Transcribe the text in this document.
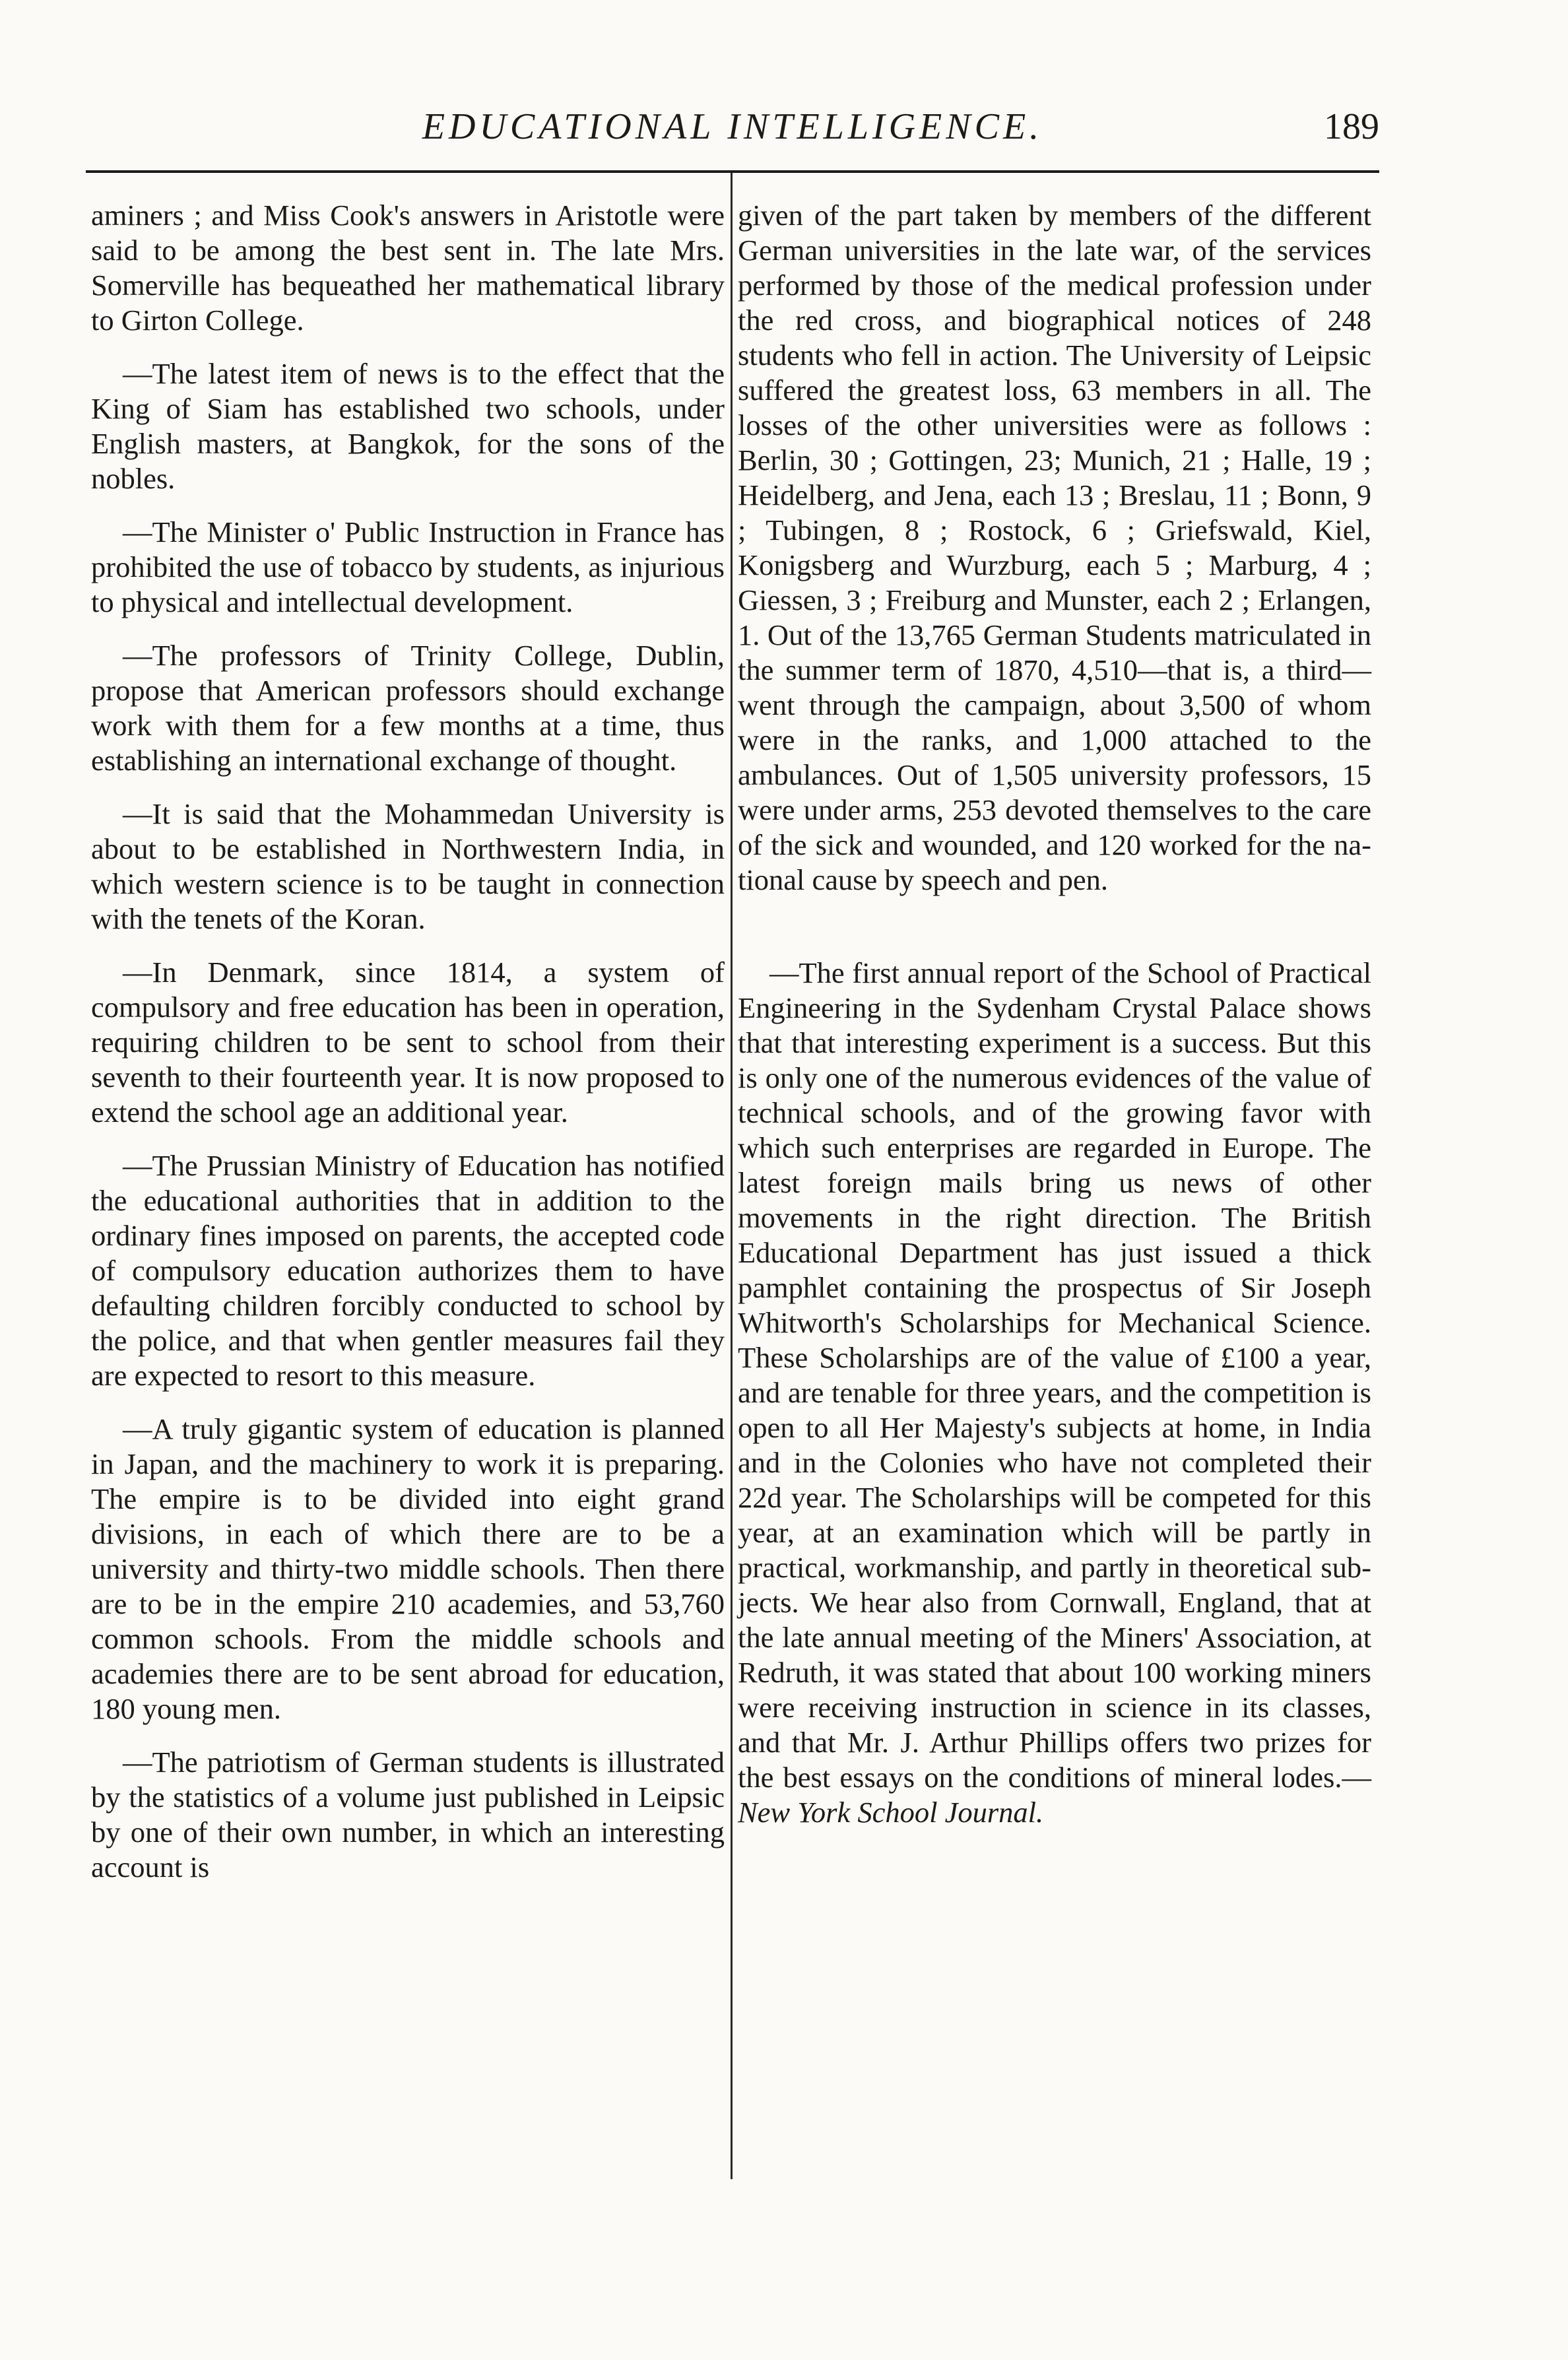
EDUCATIONAL INTELLIGENCE.	189

aminers ; and Miss Cook's answers in Aristotle were said to be among the best sent in. The late Mrs. Somerville has bequeathed her mathematical library to Girton College.

—The latest item of news is to the effect that the King of Siam has established two schools, under English masters, at Bangkok, for the sons of the nobles.

—The Minister o' Public Instruction in France has prohibited the use of tobacco by students, as injurious to physical and intellectual development.

—The professors of Trinity College, Dublin, propose that American professors should exchange work with them for a few months at a time, thus establishing an international exchange of thought.

—It is said that the Mohammedan University is about to be established in Northwestern India, in which western science is to be taught in connection with the tenets of the Koran.

—In Denmark, since 1814, a system of compulsory and free education has been in operation, requiring children to be sent to school from their seventh to their fourteenth year. It is now proposed to extend the school age an additional year.

—The Prussian Ministry of Education has notified the educational authorities that in addition to the ordinary fines imposed on parents, the accepted code of compulsory education authorizes them to have defaulting children forcibly conducted to school by the police, and that when gentler measures fail they are expected to resort to this measure.

—A truly gigantic system of education is planned in Japan, and the machinery to work it is preparing. The empire is to be divided into eight grand divisions, in each of which there are to be a university and thirty-two middle schools. Then there are to be in the empire 210 academies, and 53,760 common schools. From the middle schools and academies there are to be sent abroad for education, 180 young men.

—The patriotism of German students is illustrated by the statistics of a volume just published in Leipsic by one of their own number, in which an interesting account is

given of the part taken by members of the different German universities in the late war, of the services performed by those of the medical profession under the red cross, and biographical notices of 248 students who fell in action. The University of Leipsic suffered the greatest loss, 63 members in all. The losses of the other universities were as follows : Berlin, 30 ; Gottingen, 23; Munich, 21 ; Halle, 19 ; Heidelberg, and Jena, each 13 ; Breslau, 11 ; Bonn, 9 ; Tubingen, 8 ; Rostock, 6 ; Griefswald, Kiel, Konigsberg and Wurzburg, each 5 ; Marburg, 4 ; Giessen, 3 ; Freiburg and Munster, each 2 ; Erlangen, 1. Out of the 13,765 German Students matriculated in the summer term of 1870, 4,510—that is, a third— went through the campaign, about 3,500 of whom were in the ranks, and 1,000 attached to the ambulances. Out of 1,505 university professors, 15 were under arms, 253 devoted themselves to the care of the sick and wounded, and 120 worked for the national cause by speech and pen.

—The first annual report of the School of Practical Engineering in the Sydenham Crystal Palace shows that that interesting experiment is a success. But this is only one of the numerous evidences of the value of technical schools, and of the growing favor with which such enterprises are regarded in Europe. The latest foreign mails bring us news of other movements in the right direction. The British Educational Department has just issued a thick pamphlet containing the prospectus of Sir Joseph Whitworth's Scholarships for Mechanical Science. These Scholarships are of the value of £100 a year, and are tenable for three years, and the competition is open to all Her Majesty's subjects at home, in India and in the Colonies who have not completed their 22d year. The Scholarships will be competed for this year, at an examination which will be partly in practical, workmanship, and partly in theoretical subjects. We hear also from Cornwall, England, that at the late annual meeting of the Miners' Association, at Redruth, it was stated that about 100 working miners were receiving instruction in science in its classes, and that Mr. J. Arthur Phillips offers two prizes for the best essays on the conditions of mineral lodes.—New York School Journal.
